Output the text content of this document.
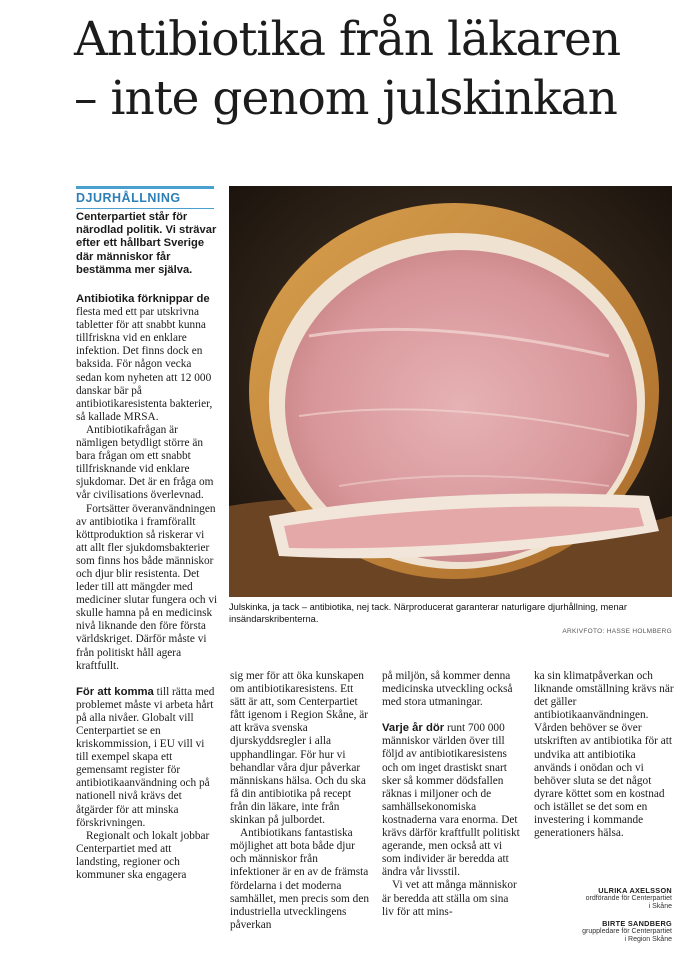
Antibiotika från läkaren
– inte genom julskinkan
DJURHÅLLNING

Centerpartiet står för närodlad politik. Vi strävar efter ett hållbart Sverige där människor får bestämma mer själva.

Antibiotika förknippar de flesta med ett par utskrivna tabletter för att snabbt kunna tillfriskna vid en enklare infektion. Det finns dock en baksida. För någon vecka sedan kom nyheten att 12 000 danskar bär på antibiotikaresistenta bakterier, så kallade MRSA.

Antibiotikafrågan är nämligen betydligt större än bara frågan om ett snabbt tillfrisknande vid enklare sjukdomar. Det är en fråga om vår civilisations överlevnad.

Fortsätter överanvändningen av antibiotika i framförallt köttproduktion så riskerar vi att allt fler sjukdomsbakterier som finns hos både människor och djur blir resistenta. Det leder till att mängder med mediciner slutar fungera och vi skulle hamna på en medicinsk nivå liknande den före första världskriget. Därför måste vi från politiskt håll agera kraftfullt.

För att komma till rätta med problemet måste vi arbeta hårt på alla nivåer. Globalt vill Centerpartiet se en kriskommission, i EU vill vi till exempel skapa ett gemensamt register för antibiotikaanvändning och på nationell nivå krävs det åtgärder för att minska förskrivningen.

Regionalt och lokalt jobbar Centerpartiet med att landsting, regioner och kommuner ska engagera

Julskinka, ja tack – antibiotika, nej tack. Närproducerat garanterar naturligare djurhållning, menar insändarskribenterna.
ARKIVFOTO: HASSE HOLMBERG

sig mer för att öka kunskapen om antibiotikaresistens. Ett sätt är att, som Centerpartiet fått igenom i Region Skåne, är att kräva svenska djurskyddsregler i alla upphandlingar. För hur vi behandlar våra djur påverkar människans hälsa. Och du ska få din antibiotika på recept från din läkare, inte från skinkan på julbordet.

Antibiotikans fantastiska möjlighet att bota både djur och människor från infektioner är en av de främsta fördelarna i det moderna samhället, men precis som den industriella utvecklingens påverkan

på miljön, så kommer denna medicinska utveckling också med stora utmaningar.

Varje år dör runt 700 000 människor världen över till följd av antibiotikaresistens och om inget drastiskt snart sker så kommer dödsfallen räknas i miljoner och de samhällsekonomiska kostnaderna vara enorma. Det krävs därför kraftfullt politiskt agerande, men också att vi som individer är beredda att ändra vår livsstil.

Vi vet att många människor är beredda att ställa om sina liv för att mins-

ka sin klimatpåverkan och liknande omställning krävs när det gäller antibiotikaanvändningen. Vården behöver se över utskriften av antibiotika för att undvika att antibiotika används i onödan och vi behöver sluta se det något dyrare köttet som en kostnad och istället se det som en investering i kommande generationers hälsa.

ULRIKA AXELSSON
ordförande för Centerpartiet
i Skåne
BIRTE SANDBERG
gruppledare för Centerpartiet
i Region Skåne
